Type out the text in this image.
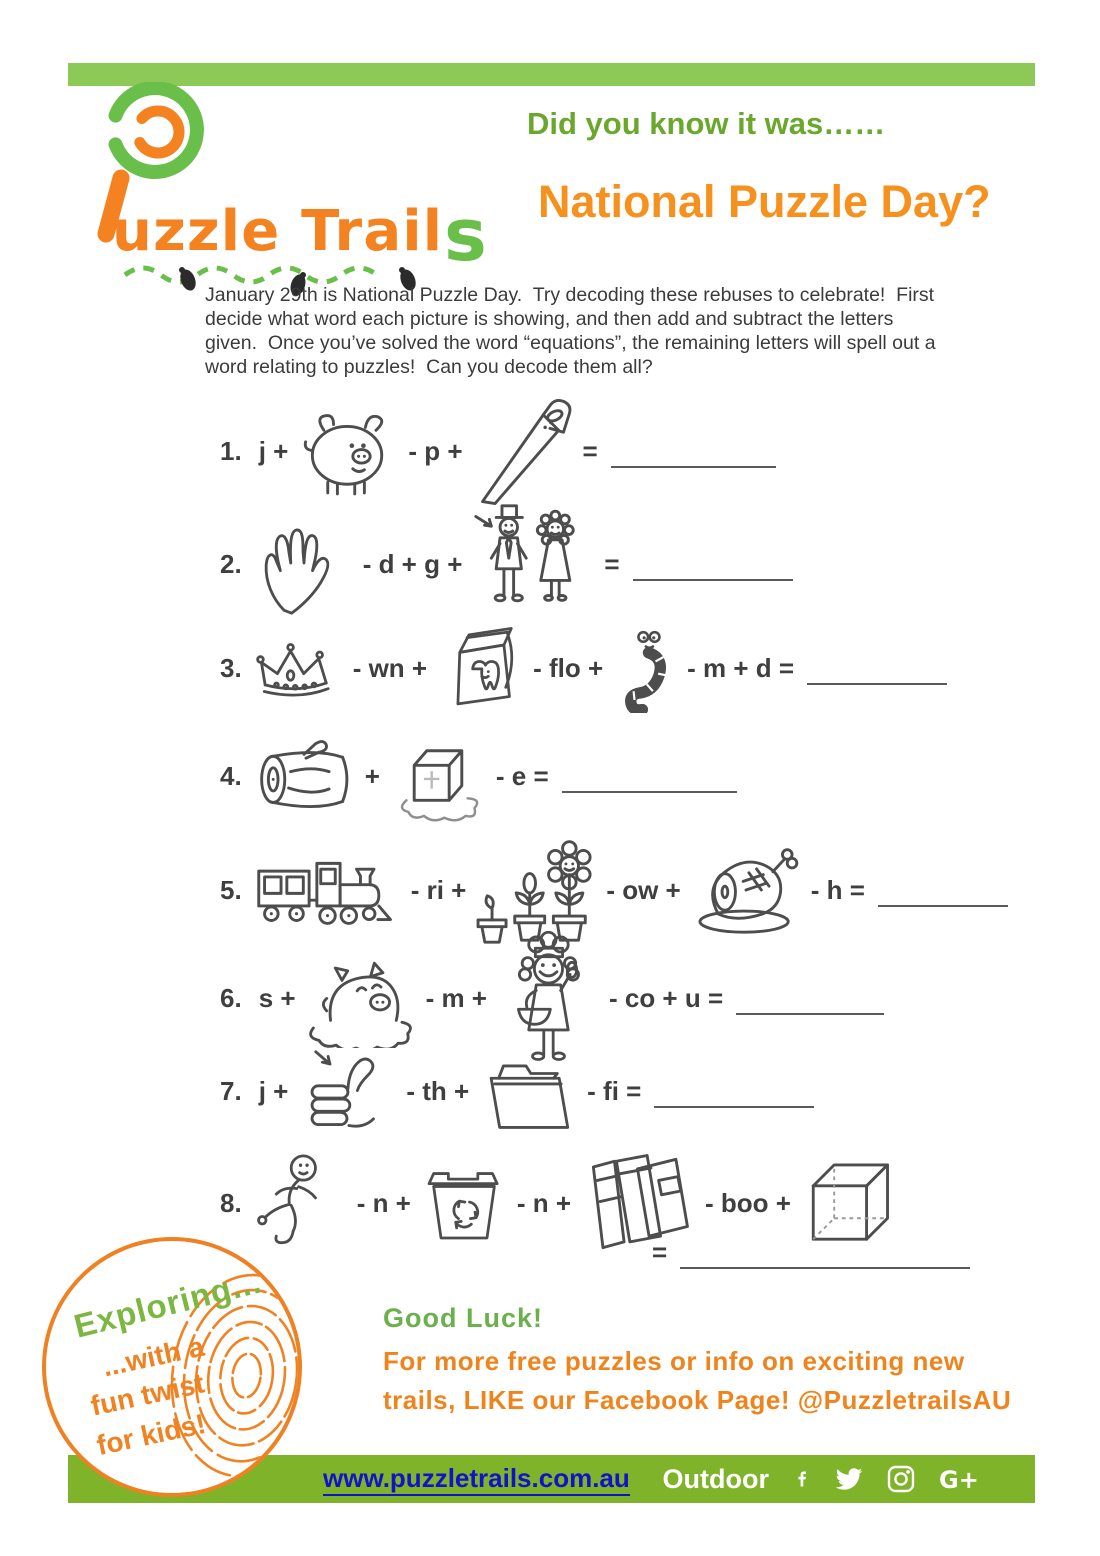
uzzle Trail s
Did you know it was……
National Puzzle Day?
January 29th is National Puzzle Day.  Try decoding these rebuses to celebrate!  First
decide what word each picture is showing, and then add and subtract the letters
given.  Once you’ve solved the word “equations”, the remaining letters will spell out a
word relating to puzzles!  Can you decode them all?
1. j +	- p +	=
2.	- d + g +	=
3.	- wn +	- flo +	- m + d =
4.	+	- e =
5.	- ri +	- ow +	- h =
6. s +	- m +	- co + u =
7. j +	- th +	- fi =
8.	- n +	- n +	- boo +
=
Exploring...
...with a
fun twist
for kids!
Good Luck!
For more free puzzles or info on exciting new
trails, LIKE our Facebook Page! @PuzzletrailsAU
www.puzzletrails.com.au Outdoor	G+
